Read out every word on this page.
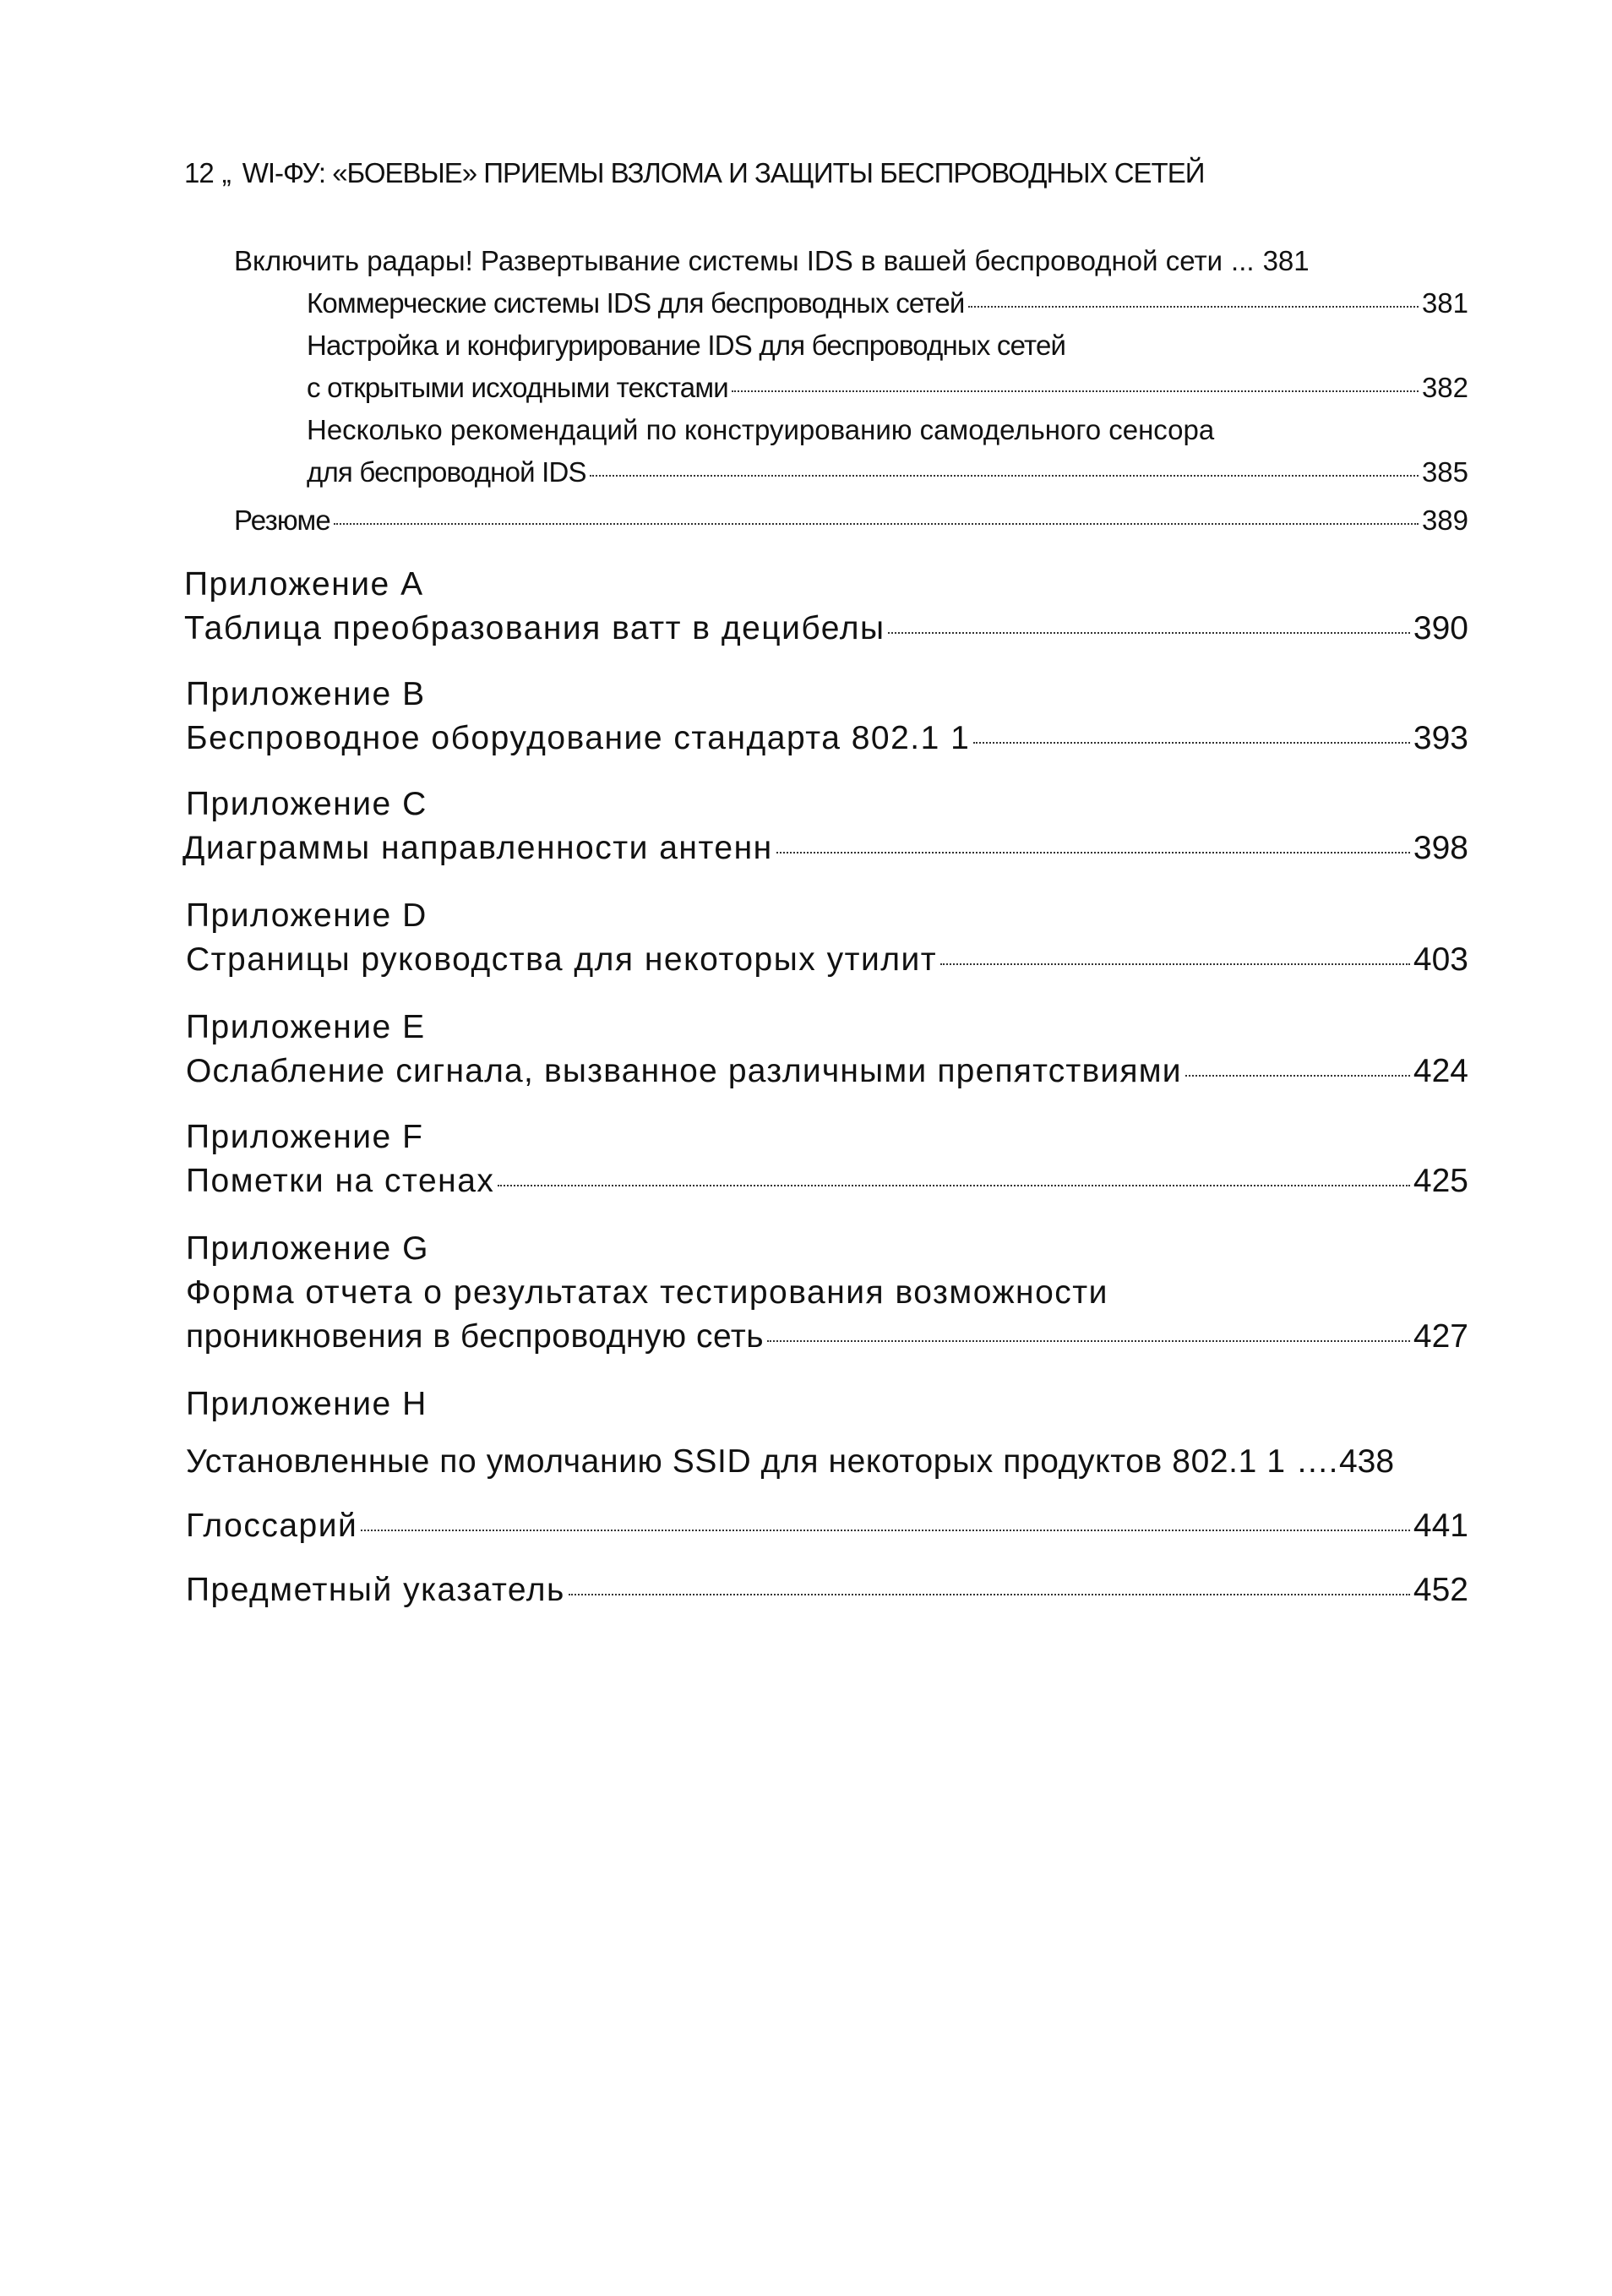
12 „ WI-ФУ: «БОЕВЫЕ» ПРИЕМЫ ВЗЛОМА И ЗАЩИТЫ БЕСПРОВОДНЫХ СЕТЕЙ
Включить радары! Развертывание системы IDS в вашей беспроводной сети ... 381
Коммерческие системы IDS для беспроводных сетей	381
Настройка и конфигурирование IDS для беспроводных сетей
с открытыми исходными текстами	382
Несколько рекомендаций по конструированию самодельного сенсора
для беспроводной IDS	385
Резюме	389
Приложение А
Таблица преобразования ватт в децибелы	390
Приложение В
Беспроводное оборудование стандарта 802.1 1	393
Приложение С
Диаграммы направленности антенн	398
Приложение D
Страницы руководства для некоторых утилит	403
Приложение Е
Ослабление сигнала, вызванное различными препятствиями	424
Приложение F
Пометки на стенах	425
Приложение G
Форма отчета о результатах тестирования возможности
проникновения в беспроводную сеть	427
Приложение Н
Установленные по умолчанию SSID для некоторых продуктов 802.1 1 .... 438
Глоссарий	441
Предметный указатель	452
